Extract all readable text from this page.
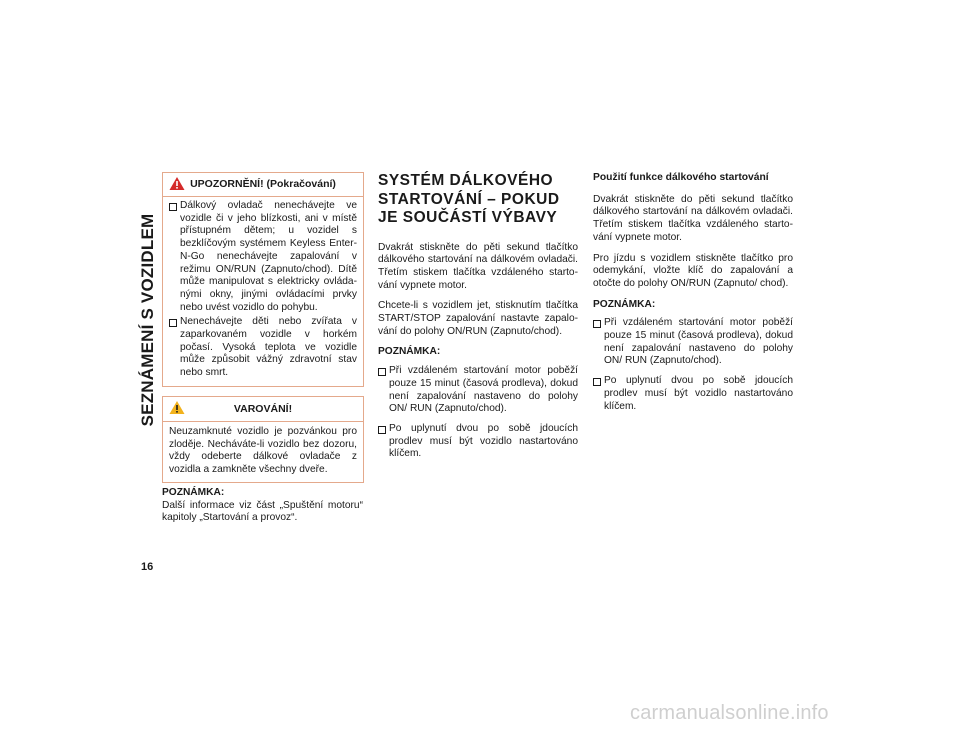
SEZNÁMENÍ S VOZIDLEM
16
UPOZORNĚNÍ! (Pokračování)
Dálkový ovladač nenechávejte ve vozidle či v jeho blízkosti, ani v místě přístupném dětem; u vozidel s bezklíčovým systémem Keyless Enter-N-Go nenechávejte zapalování v režimu ON/RUN (Zapnuto/chod). Dítě může manipulovat s elektricky ovláda-nými okny, jinými ovládacími prvky nebo uvést vozidlo do pohybu.
Nenechávejte děti nebo zvířata v zaparkovaném vozidle v horkém počasí. Vysoká teplota ve vozidle může způsobit vážný zdravotní stav nebo smrt.
VAROVÁNÍ!
Neuzamknuté vozidlo je pozvánkou pro zloděje. Necháváte-li vozidlo bez dozoru, vždy odeberte dálkové ovladače z vozidla a zamkněte všechny dveře.
POZNÁMKA:

Další informace viz část „Spuštění motoru“ kapitoly „Startování a provoz“.

SYSTÉM DÁLKOVÉHO STARTOVÁNÍ – POKUD JE SOUČÁSTÍ VÝBAVY

Dvakrát stiskněte do pěti sekund tlačítko dálkového startování na dálkovém ovladači. Třetím stiskem tlačítka vzdáleného starto-vání vypnete motor.

Chcete-li s vozidlem jet, stisknutím tlačítka START/STOP zapalování nastavte zapalo-vání do polohy ON/RUN (Zapnuto/chod).

POZNÁMKA:
Při vzdáleném startování motor poběží pouze 15 minut (časová prodleva), dokud není zapalování nastaveno do polohy ON/ RUN (Zapnuto/chod).
Po uplynutí dvou po sobě jdoucích prodlev musí být vozidlo nastartováno klíčem.
Použití funkce dálkového startování

Dvakrát stiskněte do pěti sekund tlačítko dálkového startování na dálkovém ovladači. Třetím stiskem tlačítka vzdáleného starto-vání vypnete motor.

Pro jízdu s vozidlem stiskněte tlačítko pro odemykání, vložte klíč do zapalování a otočte do polohy ON/RUN (Zapnuto/ chod).

POZNÁMKA:
Při vzdáleném startování motor poběží pouze 15 minut (časová prodleva), dokud není zapalování nastaveno do polohy ON/ RUN (Zapnuto/chod).
Po uplynutí dvou po sobě jdoucích prodlev musí být vozidlo nastartováno klíčem.
carmanualsonline.info
